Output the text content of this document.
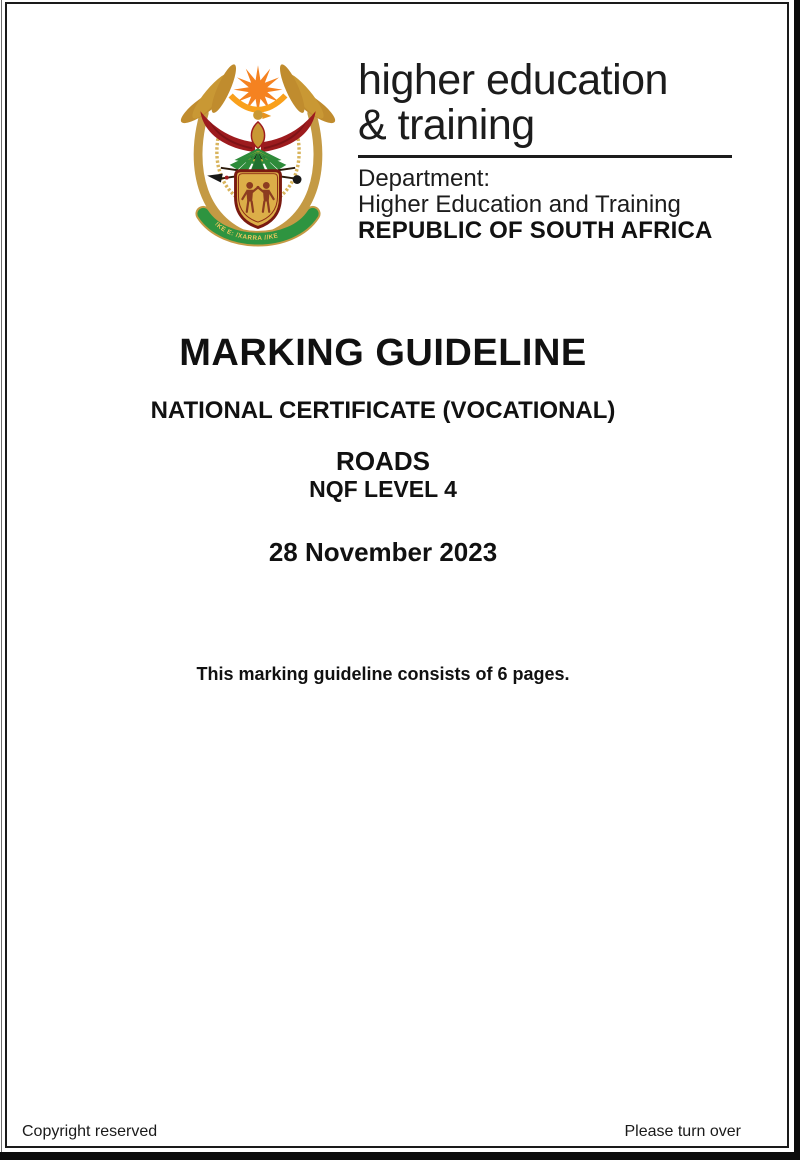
!KE E: /XARRA //KE
higher education
& training
Department:
Higher Education and Training
REPUBLIC OF SOUTH AFRICA
MARKING GUIDELINE
NATIONAL CERTIFICATE (VOCATIONAL)
ROADS
NQF LEVEL 4
28 November 2023
This marking guideline consists of 6 pages.
Copyright reserved	Please turn over
